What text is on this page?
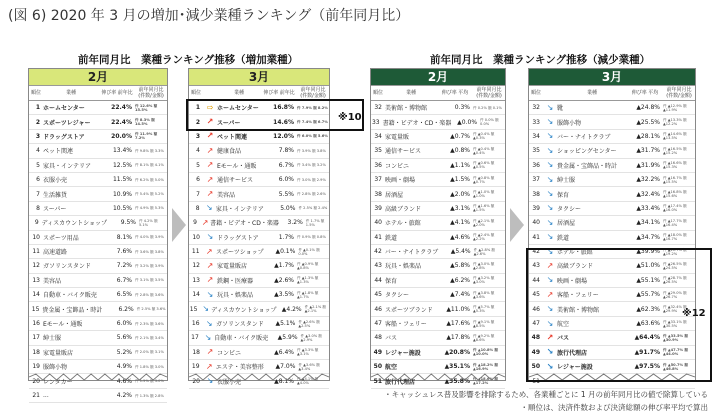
(図 6) 2020 年 3 月の増加･減少業種ランキング（前年同月比）
前年同月比　業種ランキング推移（増加業種）	前年同月比　業種ランキング推移（減少業種）
2月
順位	業種	伸び率 前年比	前年同月比 (件数/金額)
1 ホームセンター	22.4% 件 12.6% 額 15.5%
2 スポーツレジャー	22.4% 件 8.3% 額 14.5%
3 ドラッグストア	20.0% 件 11.9% 額 7.2%
4 ペット関連	13.4% 件 9.8% 額 3.3%
5 家具・インテリア	12.5% 件 8.1% 額 4.1%
6 衣服小売	11.5% 件 6.2% 額 5.0%
7 生活雑貨	10.9% 件 5.4% 額 5.2%
8 スーパー	10.5% 件 4.9% 額 5.3%
9 ディスカウントショップ	9.5% 件 4.2% 額 5.1%
10 スポーツ用品	8.1% 件 4.0% 額 3.9%
11 高速道路	7.6% 件 3.6% 額 3.8%
12 ガソリンスタンド	7.2% 件 3.2% 額 3.9%
13 美容品	6.7% 件 3.1% 額 3.5%
14 自動車・バイク販売	6.5% 件 2.8% 額 3.6%
15 貴金属・宝飾品・時計	6.2% 件 2.5% 額 3.6%
16 Eモール・通販	6.0% 件 2.3% 額 3.6%
17 紳士服	5.6% 件 2.1% 額 3.4%
18 家電量販店	5.2% 件 2.0% 額 3.1%
19 服飾小物	4.9% 件 1.8% 額 3.0%
20 レンタカー	4.6% 件 1.5% 額 3.0%
21 ...	4.2% 件 1.3% 額 2.8%
3月
順位	業種	伸び率 前年比	前年同月比 (件数/金額)
1 ⇨ ホームセンター	16.8% 件 7.9% 額 8.2%
2 ↗ スーパー	14.6% 件 7.4% 額 6.7%
3 ↗ ペット関連	12.0% 件 6.0% 額 5.6%
4 ↗ 健康食品	7.8% 件 3.9% 額 3.8%
5 ↗ Eモール・通販	6.7% 件 3.4% 額 3.2%
6 ↗ 通信サービス	6.0% 件 3.0% 額 2.9%
7 ↗ 美容品	5.5% 件 2.8% 額 2.6%
8 ↘ 家具・インテリア	5.0% 件 2.5% 額 2.4%
9 ↗ 書籍・ビデオ・CD・楽器	3.2% 件 1.7% 額 1.5%
10 ↘ ドラッグストア	1.7% 件 0.9% 額 0.8%
11 ↗ スポーツショップ	▲0.1% 件 ▲0.1% 額 0.0%
12 ↗ 家電量販店	▲1.7% 件 ▲0.9% 額 ▲0.8%
13 ↗ 鉄鋼・医療器	▲2.6% 件 ▲1.3% 額 ▲1.3%
14 ↘ 玩具・娯楽品	▲3.5% 件 ▲1.8% 額 ▲1.7%
15 ↘ ディスカウントショップ ▲4.2% 件 ▲2.1% 額 ▲2.1%
16 ↘ ガソリンスタンド	▲5.1% 件 ▲2.6% 額 ▲2.5%
17 ↘ 自動車・バイク販売	▲5.9% 件 ▲3.0% 額 ▲2.9%
18 ↗ コンビニ	▲6.4% 件 ▲3.3% 額 ▲3.1%
19 ↗ エステ・美容整形	▲7.0% 件 ▲3.6% 額 ▲3.4%
20 ↘ 衣服小売	▲8.1% 件 ▲4.1% 額 ▲4.0%
※10
2月
順位	業種	伸び率 平均	前年同月比 (件数/金額)
32 美術館・博物館	0.3% 件 0.2% 額 0.1%
33 書籍・ビデオ・CD・楽器 ▲0.0% 件 0.0% 額 0.0%
34 家電量販	▲0.7% 件 ▲0.4% 額 ▲0.3%
35 通信サービス	▲0.8% 件 ▲0.4% 額 ▲0.4%
36 コンビニ	▲1.1% 件 ▲0.6% 額 ▲0.5%
37 映画・劇場	▲1.5% 件 ▲0.8% 額 ▲0.7%
38 居酒屋	▲2.0% 件 ▲1.0% 額 ▲1.0%
39 高級ブランド	▲3.1% 件 ▲1.6% 額 ▲1.5%
40 ホテル・旅館	▲4.1% 件 ▲2.1% 額 ▲2.0%
41 鉄道	▲4.6% 件 ▲2.4% 額 ▲2.2%
42 バー・ナイトクラブ	▲5.4% 件 ▲2.8% 額 ▲2.6%
43 玩具・娯楽品	▲5.8% 件 ▲3.0% 額 ▲2.8%
44 保育	▲6.2% 件 ▲3.2% 額 ▲3.0%
45 タクシー	▲7.4% 件 ▲3.8% 額 ▲3.6%
46 スポーツブランド	▲11.0% 件 ▲5.7% 額 ▲5.3%
47 客船・フェリー	▲17.6% 件 ▲9.1% 額 ▲8.5%
48 バス	▲17.8% 件 ▲9.2% 額 ▲8.6%
49 レジャー施設	▲20.8% 件 ▲10.8% 額 ▲10.0%
50 航空	▲35.1% 件 ▲18.2% 額 ▲16.9%
51 旅行代理店	▲35.8% 件 ▲18.6% 額 ▲17.2%
3月
順位	業種	伸び率 平均	前年同月比 (件数/金額)
32 ↘ 靴	▲24.8% 件 ▲12.9% 額 ▲11.9%
33 ↘ 服飾小物	▲25.5% 件 ▲13.3% 額 ▲12.2%
34 ↘ バー・ナイトクラブ	▲28.1% 件 ▲14.6% 額 ▲13.5%
35 ↘ ショッピングセンター	▲31.7% 件 ▲16.5% 額 ▲15.2%
36 ↘ 貴金属・宝飾品・時計	▲31.9% 件 ▲16.6% 額 ▲15.3%
37 ↘ 紳士服	▲32.2% 件 ▲16.7% 額 ▲15.5%
38 ↘ 保育	▲32.4% 件 ▲16.8% 額 ▲15.6%
39 ↘ タクシー	▲33.4% 件 ▲17.4% 額 ▲16.0%
40 ↘ 居酒屋	▲34.1% 件 ▲17.7% 額 ▲16.4%
41 ↘ 鉄道	▲34.7% 件 ▲18.0% 額 ▲16.7%
42 ↘ ホテル・旅館	▲39.9% 件 ▲20.7% 額 ▲19.2%
43 ↗ 高級ブランド	▲51.0% 件 ▲26.5% 額 ▲24.5%
44 ↘ 映画・劇場	▲55.1% 件 ▲28.7% 額 ▲26.5%
45 ↗ 客船・フェリー	▲55.7% 件 ▲29.0% 額 ▲26.7%
46 ↘ 美術館・博物館	▲62.3% 件 ▲32.4% 額 ▲29.9%
47 ↘ 航空	▲63.6% 件 ▲33.1% 額 ▲30.5%
48 ↗ バス	▲64.4% 件 ▲33.5% 額 ▲30.9%
49 ↘ 旅行代理店	▲91.7% 件 ▲47.7% 額 ▲44.0%
50 ↘ レジャー施設	▲97.5% 件 ▲50.7% 額 ▲46.8%
51
※12
・キャッシュレス普及影響を排除するため、各業種ごとに 1 月の前年同月比の値で除算している
・順位は、決済件数および決済総額の伸び率平均で算出
